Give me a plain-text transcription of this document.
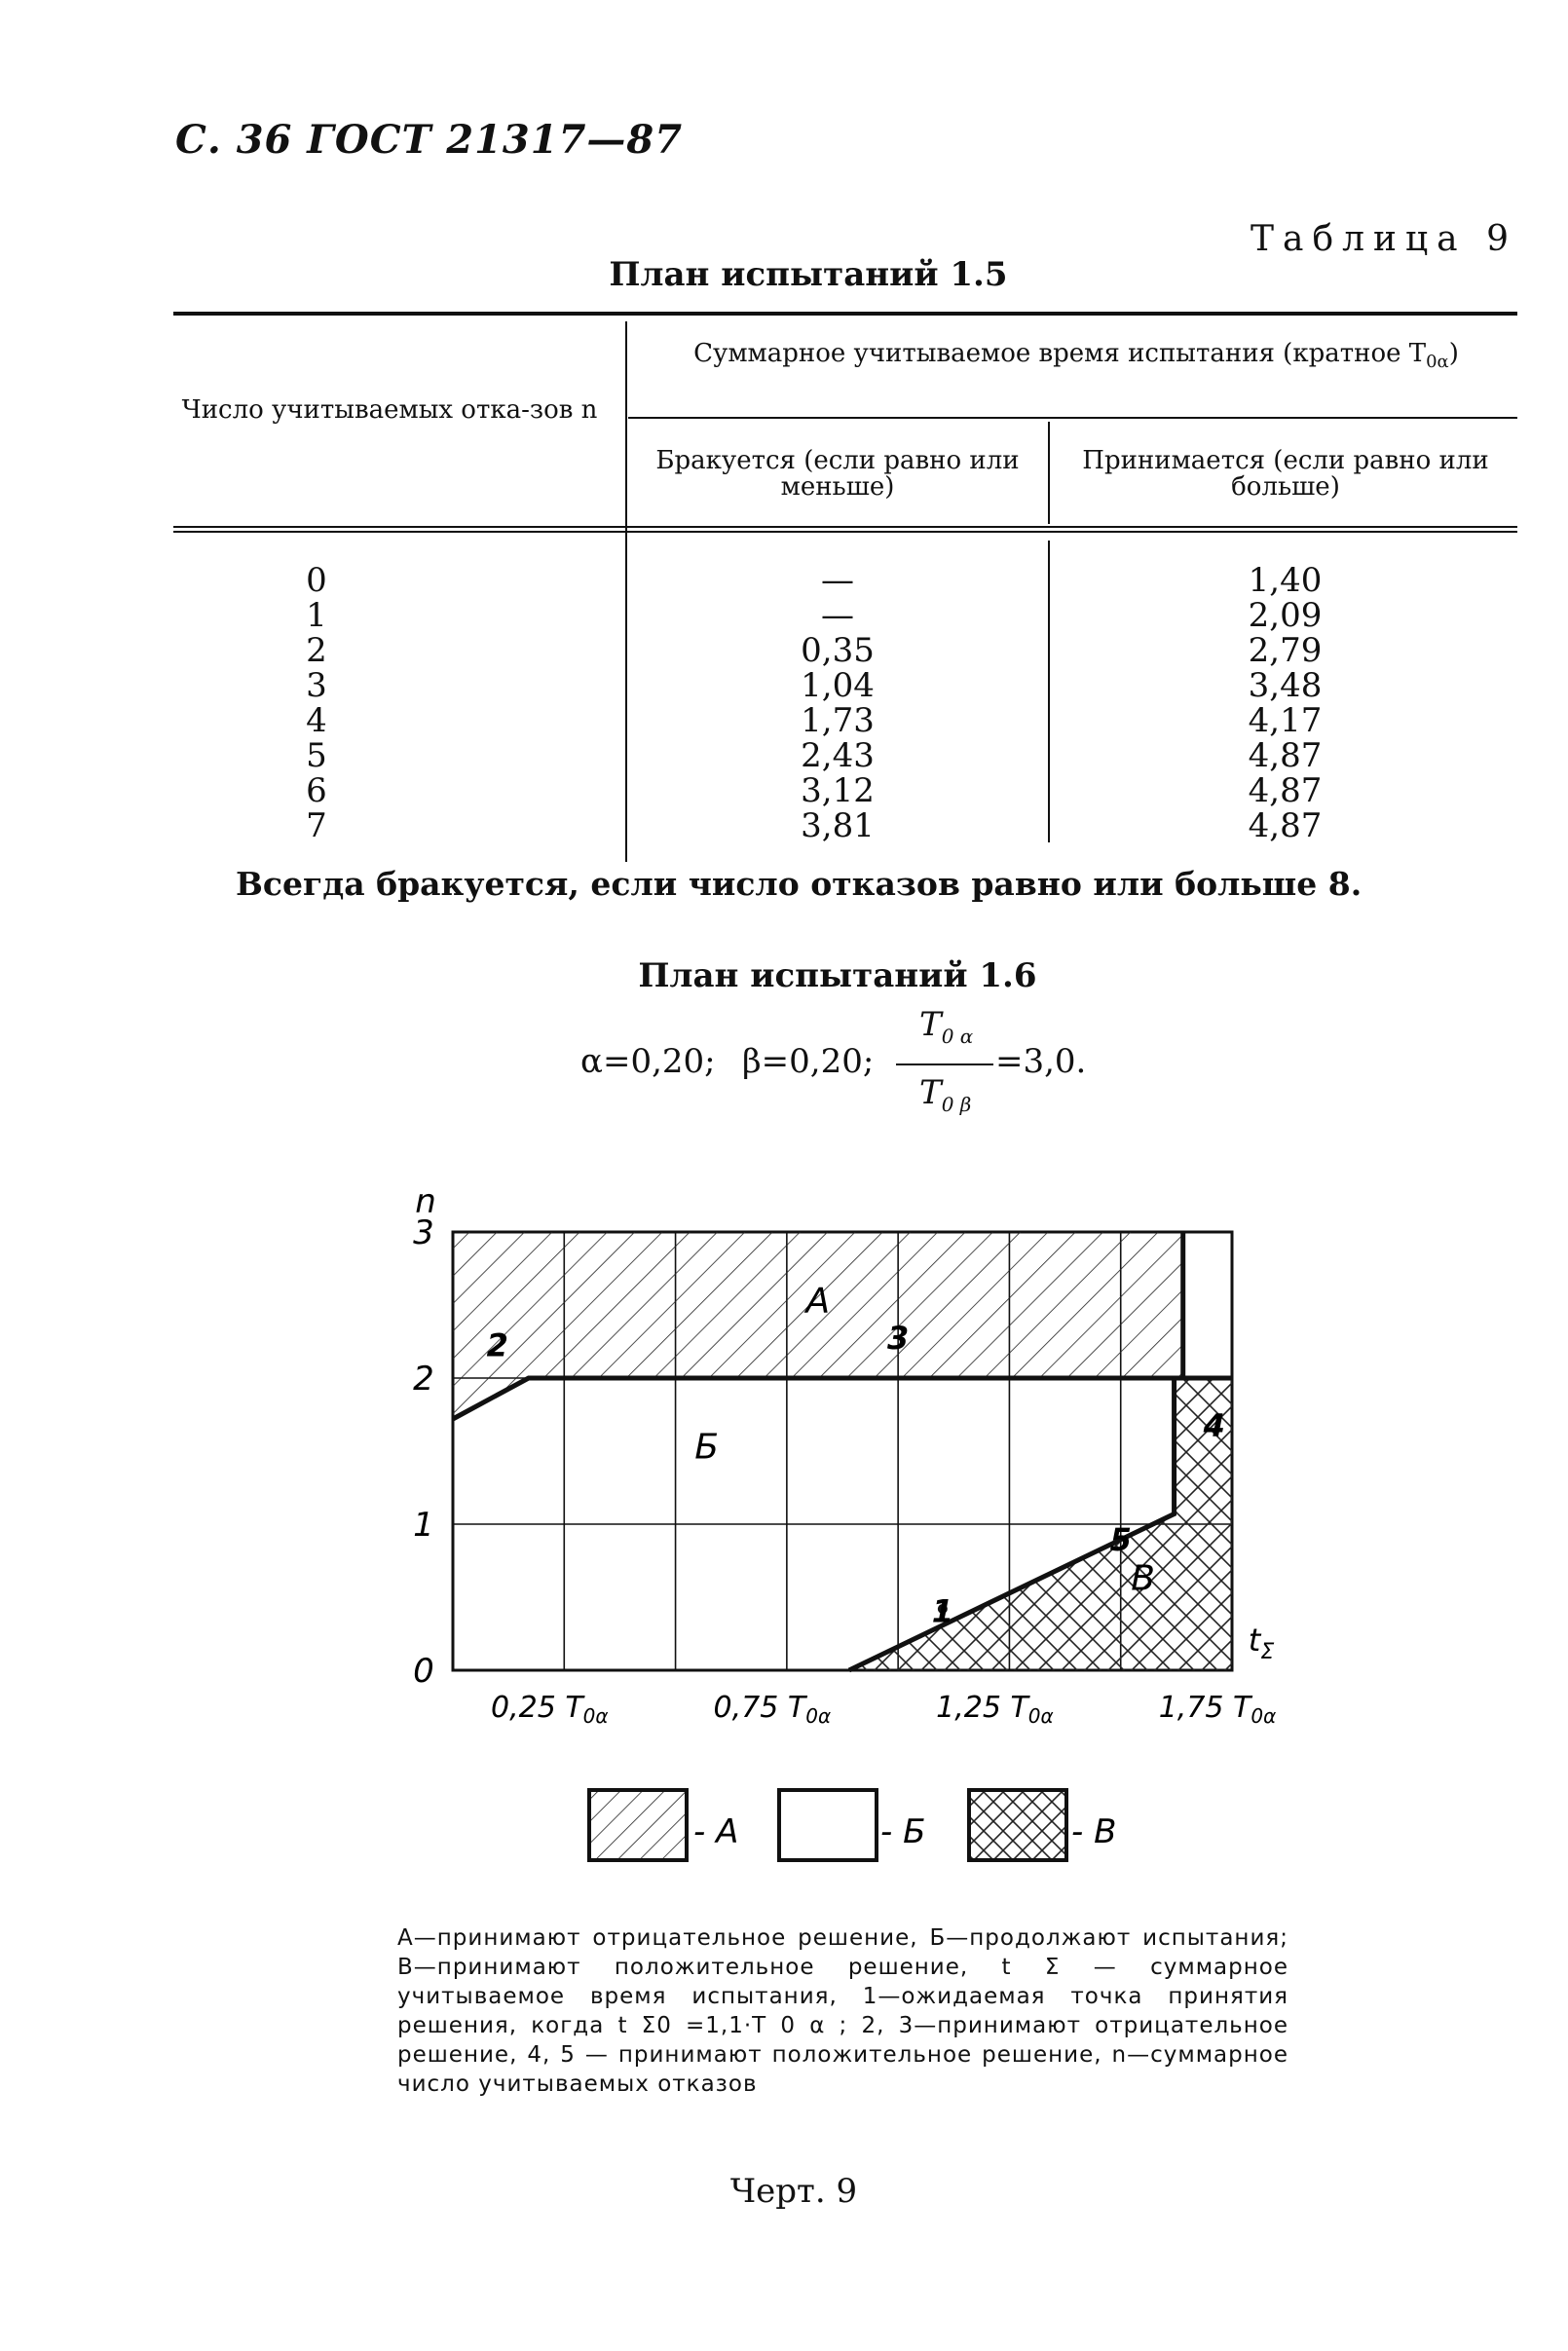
С. 36 ГОСТ 21317—87
Таблица 9
План испытаний 1.5
Число учитываемых отка-зов n
Суммарное учитываемое время испытания (кратное $T_{0\alpha}$)
Бракуется (если равно или меньше)
Принимается (если равно или больше)
0	—	1,40
1	—	2,09
2	0,35	2,79
3	1,04	3,48
4	1,73	4,17
5	2,43	4,87
6	3,12	4,87
7	3,81	4,87
Всегда бракуется, если число отказов равно или больше 8.
План испытаний 1.6
α=0,20; β=0,20;
$T_{0 \alpha}$
$T_{0 \beta}$
=3,0.
0
1
2
3
0,25 $T_{0\alpha}$	0,75 $T_{0\alpha}$	1,25 $T_{0\alpha}$	1,75 $T_{0\alpha}$
n
$t_\Sigma$
А
Б
В
1
2	3
4
5
- А	- Б	- В
А—принимают отрицательное решение, Б—продолжают испытания; В—принимают положительное решение, t Σ — суммарное учитываемое время испытания, 1—ожидаемая точка принятия решения, когда t Σ0 =1,1·T 0 α ; 2, 3—принимают отрицательное решение, 4, 5 — принимают положительное решение, n—суммарное число учитываемых отказов
Черт. 9
